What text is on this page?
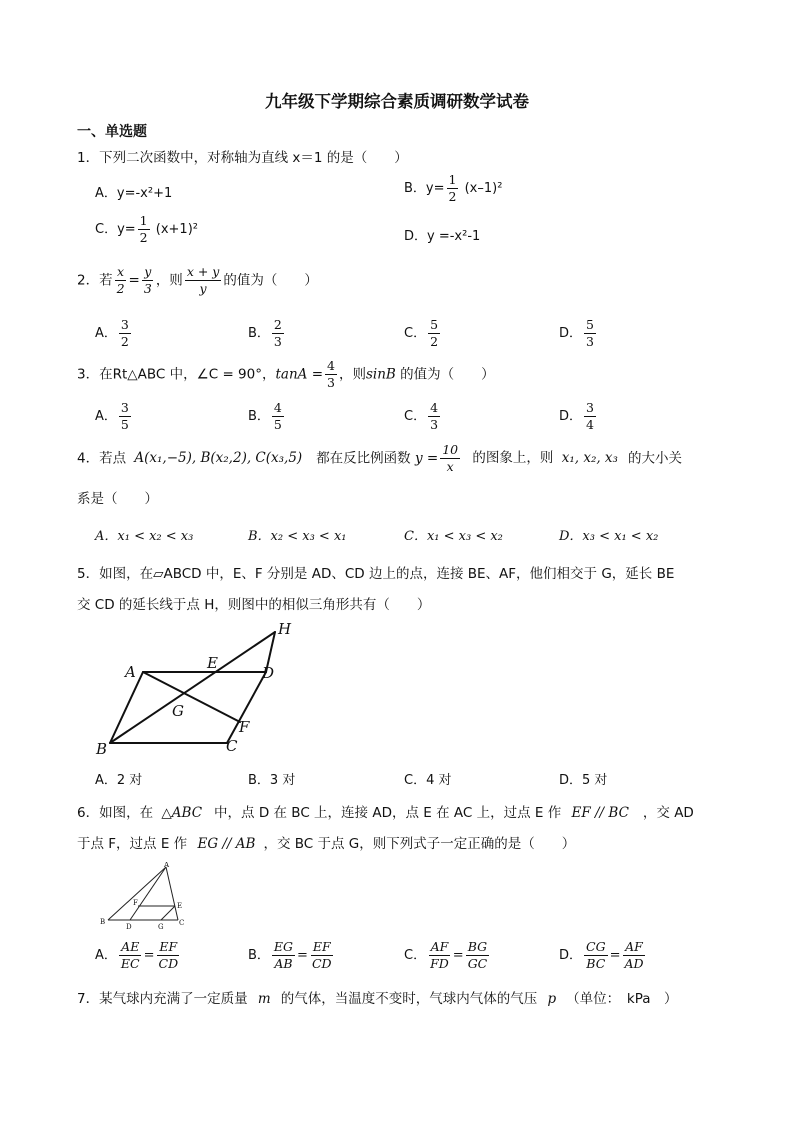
九年级下学期综合素质调研数学试卷
一、单选题
1．下列二次函数中，对称轴为直线 x＝1 的是（　　）
A．y=-x²+1	B．$y= \frac{1}{2} (x-1)^2$
C．$y= \frac{1}{2} (x+1)^2$	D．y =-x²-1
2．若 $\frac{x}{2} = \frac{y}{3}$ ，则 $\frac{x + y}{y}$ 的值为（　　）
A． $\frac{3}{2}$	B． $\frac{2}{3}$	C． $\frac{5}{2}$	D． $\frac{5}{3}$
3．在Rt△ABC 中，∠C = 90°，$\tan A = \frac{4}{3}$ ，则sinB 的值为（　　）
A． $\frac{3}{5}$	B． $\frac{4}{5}$	C． $\frac{4}{3}$	D． $\frac{3}{4}$
4．若点 A(x₁,−5), B(x₂,2), C(x₃,5) 都在反比例函数 $y = \frac{10}{x}$ 的图象上，则 x₁, x₂, x₃ 的大小关
系是（　　）
A．x₁ < x₂ < x₃	B．x₂ < x₃ < x₁	C．x₁ < x₃ < x₂	D．x₃ < x₁ < x₂
5．如图，在▱ABCD 中，E、F 分别是 AD、CD 边上的点，连接 BE、AF，他们相交于 G，延长 BE
交 CD 的延长线于点 H，则图中的相似三角形共有（　　）
A
B	C
D
E
F
G
H
A．2 对	B．3 对	C．4 对	D．5 对
6．如图，在 △ABC 中，点 D 在 BC 上，连接 AD，点 E 在 AC 上，过点 E 作 EF // BC ，交 AD
于点 F，过点 E 作 EG // AB ，交 BC 于点 G，则下列式子一定正确的是（　　）
A
B	C
D
E
F
G
A． $\frac{AE}{EC} = \frac{EF}{CD}$	B． $\frac{EG}{AB} = \frac{EF}{CD}$	C． $\frac{AF}{FD} = \frac{BG}{GC}$	D． $\frac{CG}{BC} = \frac{AF}{AD}$
7．某气球内充满了一定质量 m 的气体，当温度不变时，气球内气体的气压 p （单位：　kPa　）
